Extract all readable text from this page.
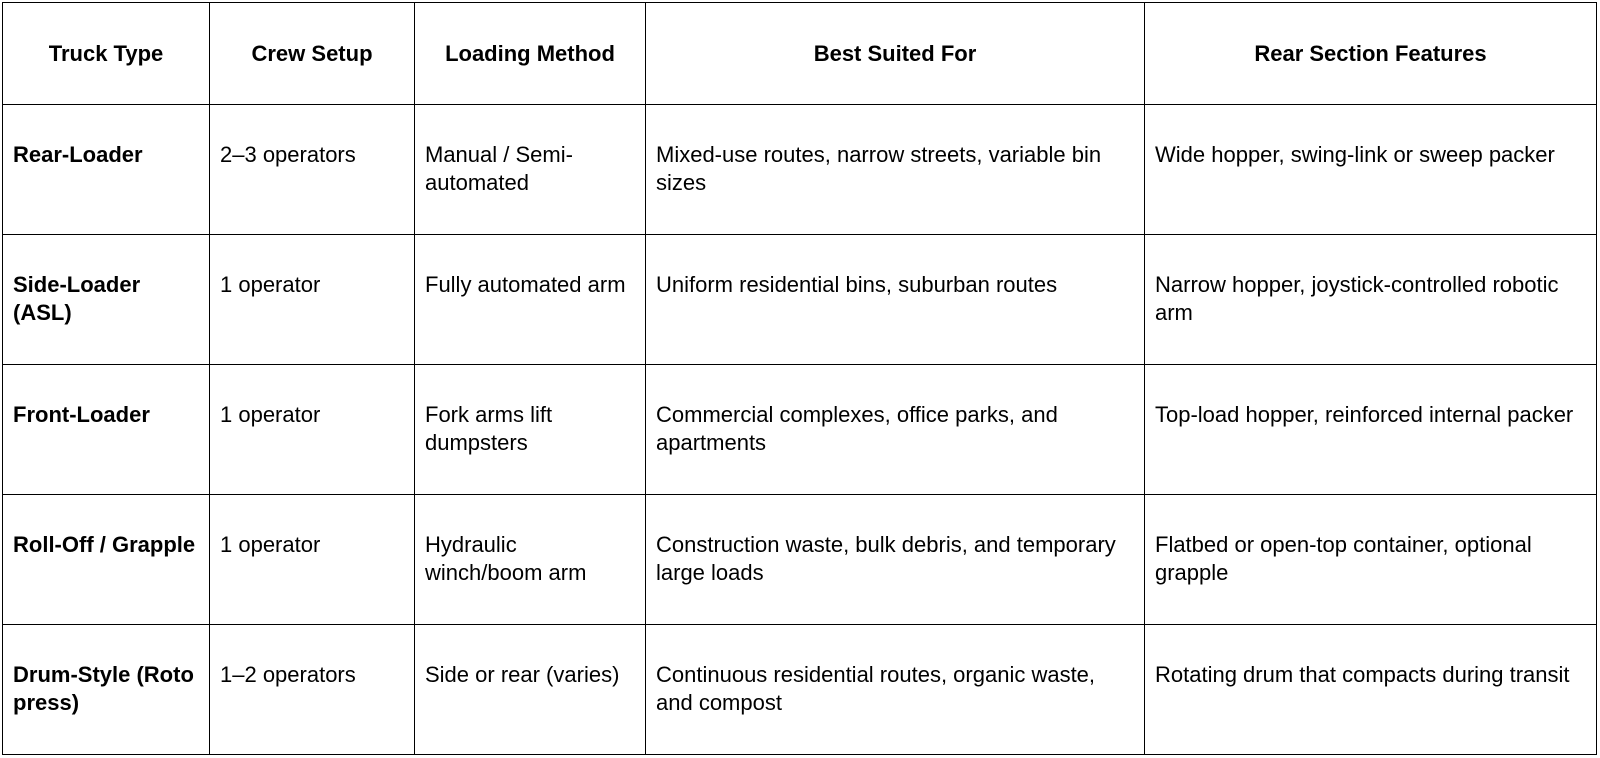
Truck Type	Crew Setup	Loading Method	Best Suited For	Rear Section Features
Rear-Loader	2–3 operators	Manual / Semi-automated	Mixed-use routes, narrow streets, variable bin sizes	Wide hopper, swing-link or sweep packer
Side-Loader (ASL)	1 operator	Fully automated arm	Uniform residential bins, suburban routes	Narrow hopper, joystick-controlled robotic arm
Front-Loader	1 operator	Fork arms lift dumpsters	Commercial complexes, office parks, and apartments	Top-load hopper, reinforced internal packer
Roll-Off / Grapple	1 operator	Hydraulic winch/boom arm	Construction waste, bulk debris, and temporary large loads	Flatbed or open-top container, optional grapple
Drum-Style (Roto press)	1–2 operators	Side or rear (varies)	Continuous residential routes, organic waste, and compost	Rotating drum that compacts during transit
